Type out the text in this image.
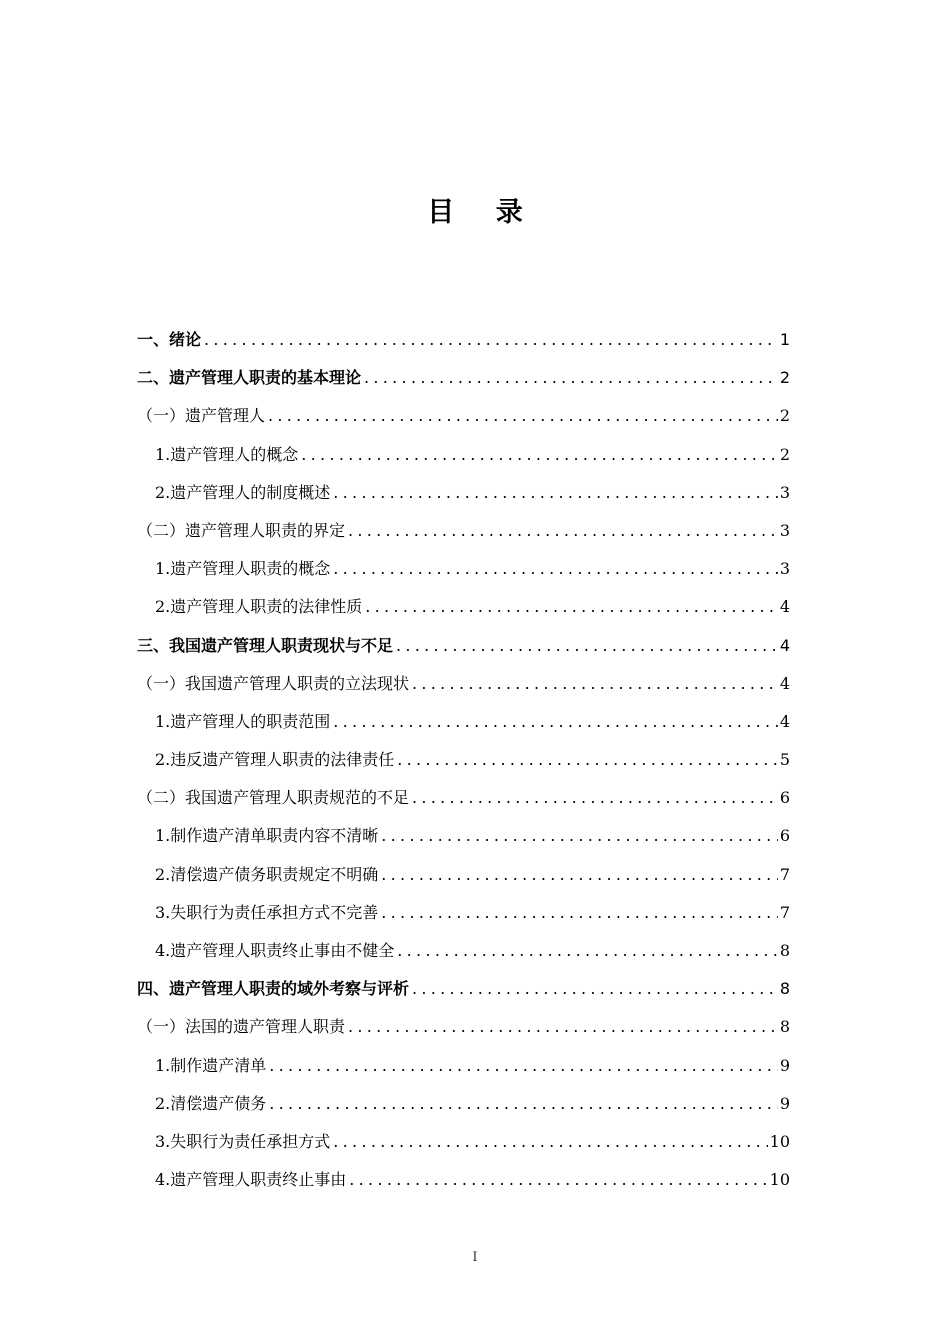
目 录
一、绪论 .....	1
二、遗产管理人职责的基本理论 .....	2
（一）遗产管理人 .....	2
1.遗产管理人的概念 .....	2
2.遗产管理人的制度概述 .....	3
（二）遗产管理人职责的界定 .....	3
1.遗产管理人职责的概念 .....	3
2.遗产管理人职责的法律性质 .....	4
三、我国遗产管理人职责现状与不足 .....	4
（一）我国遗产管理人职责的立法现状 .....	4
1.遗产管理人的职责范围 .....	4
2.违反遗产管理人职责的法律责任 .....	5
（二）我国遗产管理人职责规范的不足 .....	6
1.制作遗产清单职责内容不清晰 .....	6
2.清偿遗产债务职责规定不明确 .....	7
3.失职行为责任承担方式不完善 .....	7
4.遗产管理人职责终止事由不健全 .....	8
四、遗产管理人职责的域外考察与评析 .....	8
（一）法国的遗产管理人职责 .....	8
1.制作遗产清单 .....	9
2.清偿遗产债务 .....	9
3.失职行为责任承担方式 .....	10
4.遗产管理人职责终止事由 .....	10
I
